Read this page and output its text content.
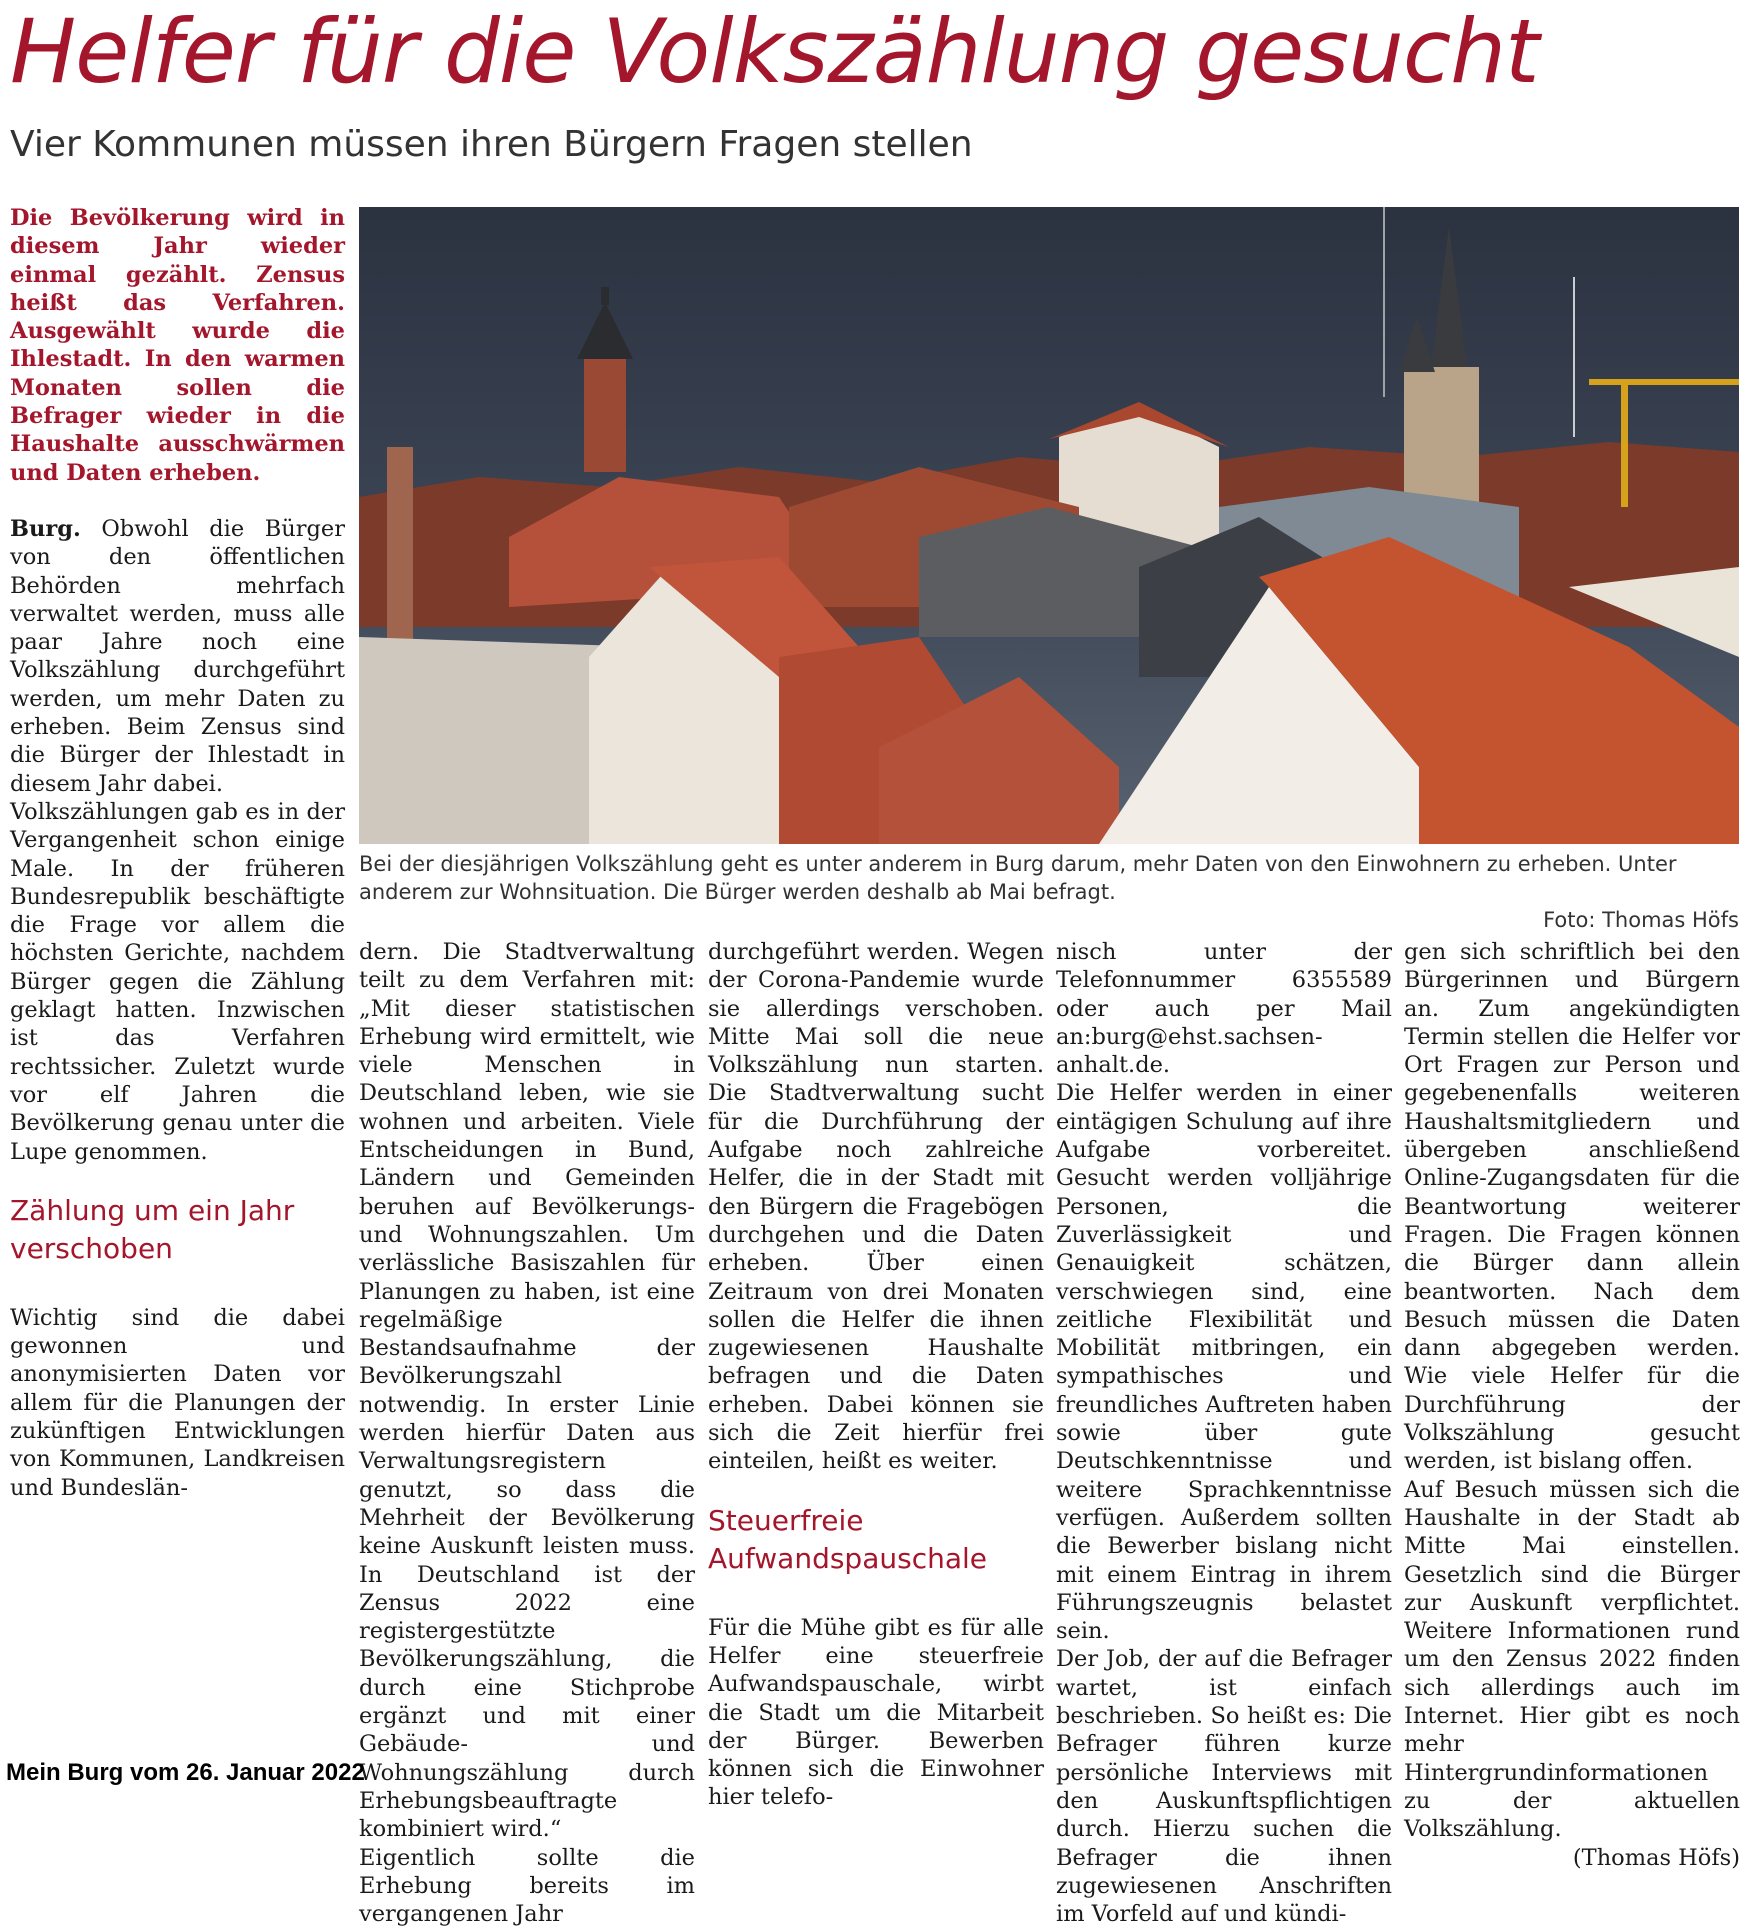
Helfer für die Volkszählung gesucht
Vier Kommunen müssen ihren Bürgern Fragen stellen

Die Bevölkerung wird in diesem Jahr wieder einmal gezählt. Zensus heißt das Verfahren. Ausgewählt wurde die Ihlestadt. In den warmen Monaten sollen die Befrager wieder in die Haushalte ausschwärmen und Daten erheben.

Burg. Obwohl die Bürger von den öffentlichen Behörden mehrfach verwaltet werden, muss alle paar Jahre noch eine Volkszählung durchgeführt werden, um mehr Daten zu erheben. Beim Zensus sind die Bürger der Ihlestadt in diesem Jahr dabei.

Volkszählungen gab es in der Vergangenheit schon einige Male. In der früheren Bundesrepublik beschäftigte die Frage vor allem die höchsten Gerichte, nachdem Bürger gegen die Zählung geklagt hatten. Inzwischen ist das Verfahren rechtssicher. Zuletzt wurde vor elf Jahren die Bevölkerung genau unter die Lupe genommen.

Zählung um ein Jahr verschoben

Wichtig sind die dabei gewonnen und anonymisierten Daten vor allem für die Planungen der zukünftigen Entwicklungen von Kommunen, Landkreisen und Bundeslän-

Bei der diesjährigen Volkszählung geht es unter anderem in Burg darum, mehr Daten von den Einwohnern zu erheben. Unter anderem zur Wohnsituation. Die Bürger werden deshalb ab Mai befragt.
Foto: Thomas Höfs

dern. Die Stadtverwaltung teilt zu dem Verfahren mit: „Mit dieser statistischen Erhebung wird ermittelt, wie viele Menschen in Deutschland leben, wie sie wohnen und arbeiten. Viele Entscheidungen in Bund, Ländern und Gemeinden beruhen auf Bevölkerungs- und Wohnungszahlen. Um verlässliche Basiszahlen für Planungen zu haben, ist eine regelmäßige Bestandsaufnahme der Bevölkerungszahl notwendig. In erster Linie werden hierfür Daten aus Verwaltungsregistern genutzt, so dass die Mehrheit der Bevölkerung keine Auskunft leisten muss. In Deutschland ist der Zensus 2022 eine registergestützte Bevölkerungszählung, die durch eine Stichprobe ergänzt und mit einer Gebäude- und Wohnungszählung durch Erhebungsbeauftragte kombiniert wird.“

Eigentlich sollte die Erhebung bereits im vergangenen Jahr

durchgeführt werden. Wegen der Corona-Pandemie wurde sie allerdings verschoben. Mitte Mai soll die neue Volkszählung nun starten. Die Stadtverwaltung sucht für die Durchführung der Aufgabe noch zahlreiche Helfer, die in der Stadt mit den Bürgern die Fragebögen durchgehen und die Daten erheben. Über einen Zeitraum von drei Monaten sollen die Helfer die ihnen zugewiesenen Haushalte befragen und die Daten erheben. Dabei können sie sich die Zeit hierfür frei einteilen, heißt es weiter.

Steuerfreie Aufwandspauschale

Für die Mühe gibt es für alle Helfer eine steuerfreie Aufwandspauschale, wirbt die Stadt um die Mitarbeit der Bürger. Bewerben können sich die Einwohner hier telefo-

nisch unter der Telefonnummer 6355589 oder auch per Mail an:burg@ehst.sachsen-anhalt.de.

Die Helfer werden in einer eintägigen Schulung auf ihre Aufgabe vorbereitet. Gesucht werden volljährige Personen, die Zuverlässigkeit und Genauigkeit schätzen, verschwiegen sind, eine zeitliche Flexibilität und Mobilität mitbringen, ein sympathisches und freundliches Auftreten haben sowie über gute Deutschkenntnisse und weitere Sprachkenntnisse verfügen. Außerdem sollten die Bewerber bislang nicht mit einem Eintrag in ihrem Führungszeugnis belastet sein.

Der Job, der auf die Befrager wartet, ist einfach beschrieben. So heißt es: Die Befrager führen kurze persönliche Interviews mit den Auskunftspflichtigen durch. Hierzu suchen die Befrager die ihnen zugewiesenen Anschriften im Vorfeld auf und kündi-

gen sich schriftlich bei den Bürgerinnen und Bürgern an. Zum angekündigten Termin stellen die Helfer vor Ort Fragen zur Person und gegebenenfalls weiteren Haushaltsmitgliedern und übergeben anschließend Online-Zugangsdaten für die Beantwortung weiterer Fragen. Die Fragen können die Bürger dann allein beantworten. Nach dem Besuch müssen die Daten dann abgegeben werden. Wie viele Helfer für die Durchführung der Volkszählung gesucht werden, ist bislang offen.

Auf Besuch müssen sich die Haushalte in der Stadt ab Mitte Mai einstellen. Gesetzlich sind die Bürger zur Auskunft verpflichtet. Weitere Informationen rund um den Zensus 2022 finden sich allerdings auch im Internet. Hier gibt es noch mehr Hintergrundinformationen zu der aktuellen Volkszählung.

(Thomas Höfs)

Mein Burg vom 26. Januar 2022
